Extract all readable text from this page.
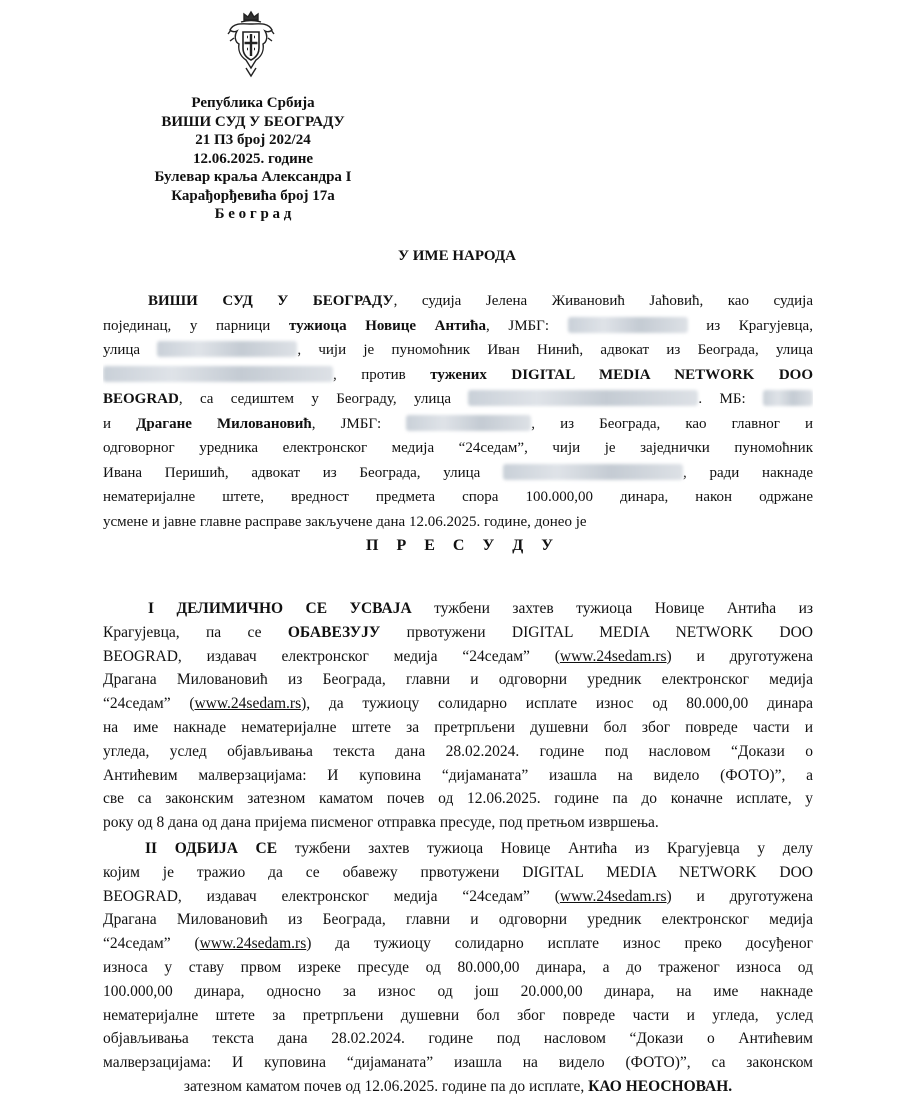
Република Србија
ВИШИ СУД У БЕОГРАДУ
21 П3 број 202/24
12.06.2025. године
Булевар краља Александра I
Карађорђевића број 17а
Б е о г р а д
У ИМЕ НАРОДА
ВИШИ СУД У БЕОГРАДУ, судија Јелена Живановић Јаћовић, као судија
појединац, у парници тужиоца Новице Антића, ЈМБГ:	из Крагујевца,
улица	, чији је пуномоћник Иван Нинић, адвокат из Београда, улица
, против тужених DIGITAL MEDIA NETWORK DOO
BEOGRAD, са седиштем у Београду, улица	. МБ:
и Драгане Миловановић, ЈМБГ:	, из Београда, као главног и
одговорног уредника електронског медија “24седам”, чији је заједнички пуномоћник
Ивана Перишић, адвокат из Београда, улица	, ради накнаде
нематеријалне штете, вредност предмета спора 100.000,00 динара, након одржане
усмене и јавне главне расправе закључене дана 12.06.2025. године, донео је
П Р Е С У Д У
I ДЕЛИМИЧНО СЕ УСВАЈА тужбени захтев тужиоца Новице Антића из
Крагујевца, па се ОБАВЕЗУЈУ првотужени DIGITAL MEDIA NETWORK DOO
BEOGRAD, издавач електронског медија “24седам” (www.24sedam.rs) и друготужена
Драгана Миловановић из Београда, главни и одговорни уредник електронског медија
“24седам” (www.24sedam.rs), да тужиоцу солидарно исплате износ од 80.000,00 динара
на име накнаде нематеријалне штете за претрпљени душевни бол због повреде части и
угледа, услед објављивања текста дана 28.02.2024. године под насловом “Докази о
Антићевим малверзацијама: И куповина “дијаманата” изашла на видело (ФОТО)”, а
све са законским затезном каматом почев од 12.06.2025. године па до коначне исплате, у
року од 8 дана од дана пријема писменог отправка пресуде, под претњом извршења.
II ОДБИЈА СЕ тужбени захтев тужиоца Новице Антића из Крагујевца у делу
којим је тражио да се обавежу првотужени DIGITAL MEDIA NETWORK DOO
BEOGRAD, издавач електронског медија “24седам” (www.24sedam.rs) и друготужена
Драгана Миловановић из Београда, главни и одговорни уредник електронског медија
“24седам” (www.24sedam.rs) да тужиоцу солидарно исплате износ преко досуђеног
износа у ставу првом изреке пресуде од 80.000,00 динара, а до траженог износа од
100.000,00 динара, односно за износ од још 20.000,00 динара, на име накнаде
нематеријалне штете за претрпљени душевни бол због повреде части и угледа, услед
објављивања текста дана 28.02.2024. године под насловом “Докази о Антићевим
малверзацијама: И куповина “дијаманата” изашла на видело (ФОТО)”, са законском
затезном каматом почев од 12.06.2025. године па до исплате, КАО НЕОСНОВАН.
